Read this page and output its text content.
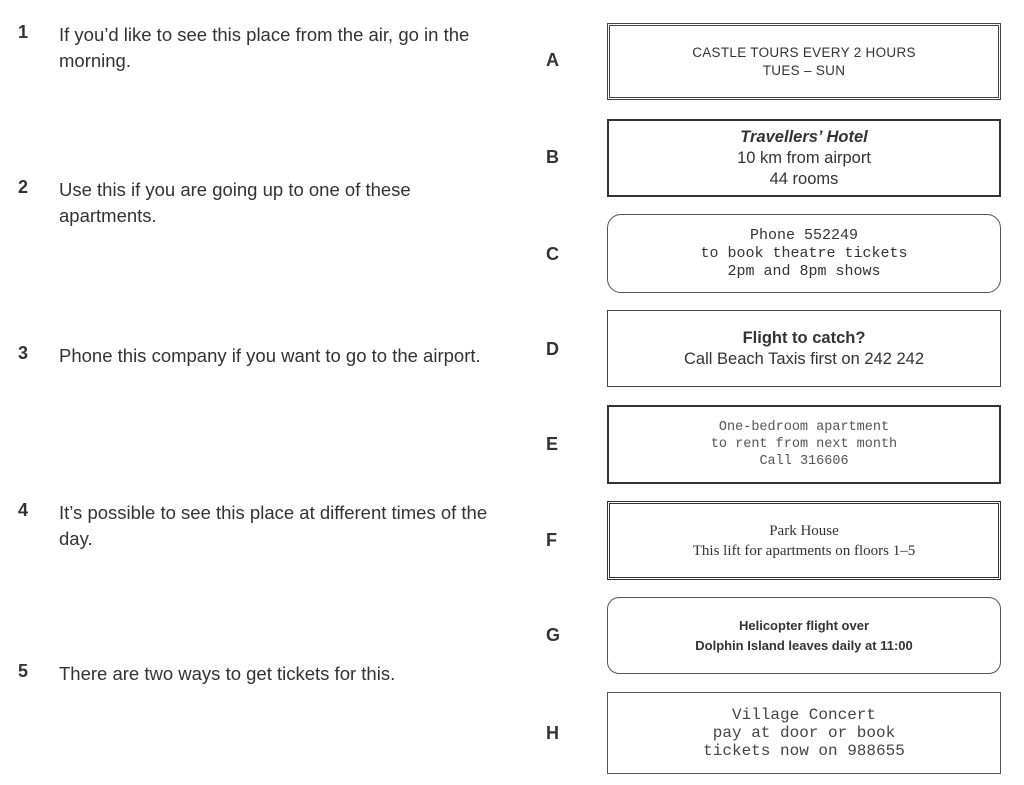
1 If you’d like to see this place from the air, go in the morning.
2 Use this if you are going up to one of these apartments.
3 Phone this company if you want to go to the airport.
4 It’s possible to see this place at different times of the day.
5 There are two ways to get tickets for this.
A
B
C
D
E
F
G
H
CASTLE TOURS EVERY 2 HOURS
TUES – SUN
Travellers’ Hotel
10 km from airport
44 rooms
Phone 552249
to book theatre tickets
2pm and 8pm shows
Flight to catch?
Call Beach Taxis first on 242 242
One-bedroom apartment
to rent from next month
Call 316606
Park House
This lift for apartments on floors 1–5
Helicopter flight over
Dolphin Island leaves daily at 11:00
Village Concert
pay at door or book
tickets now on 988655
